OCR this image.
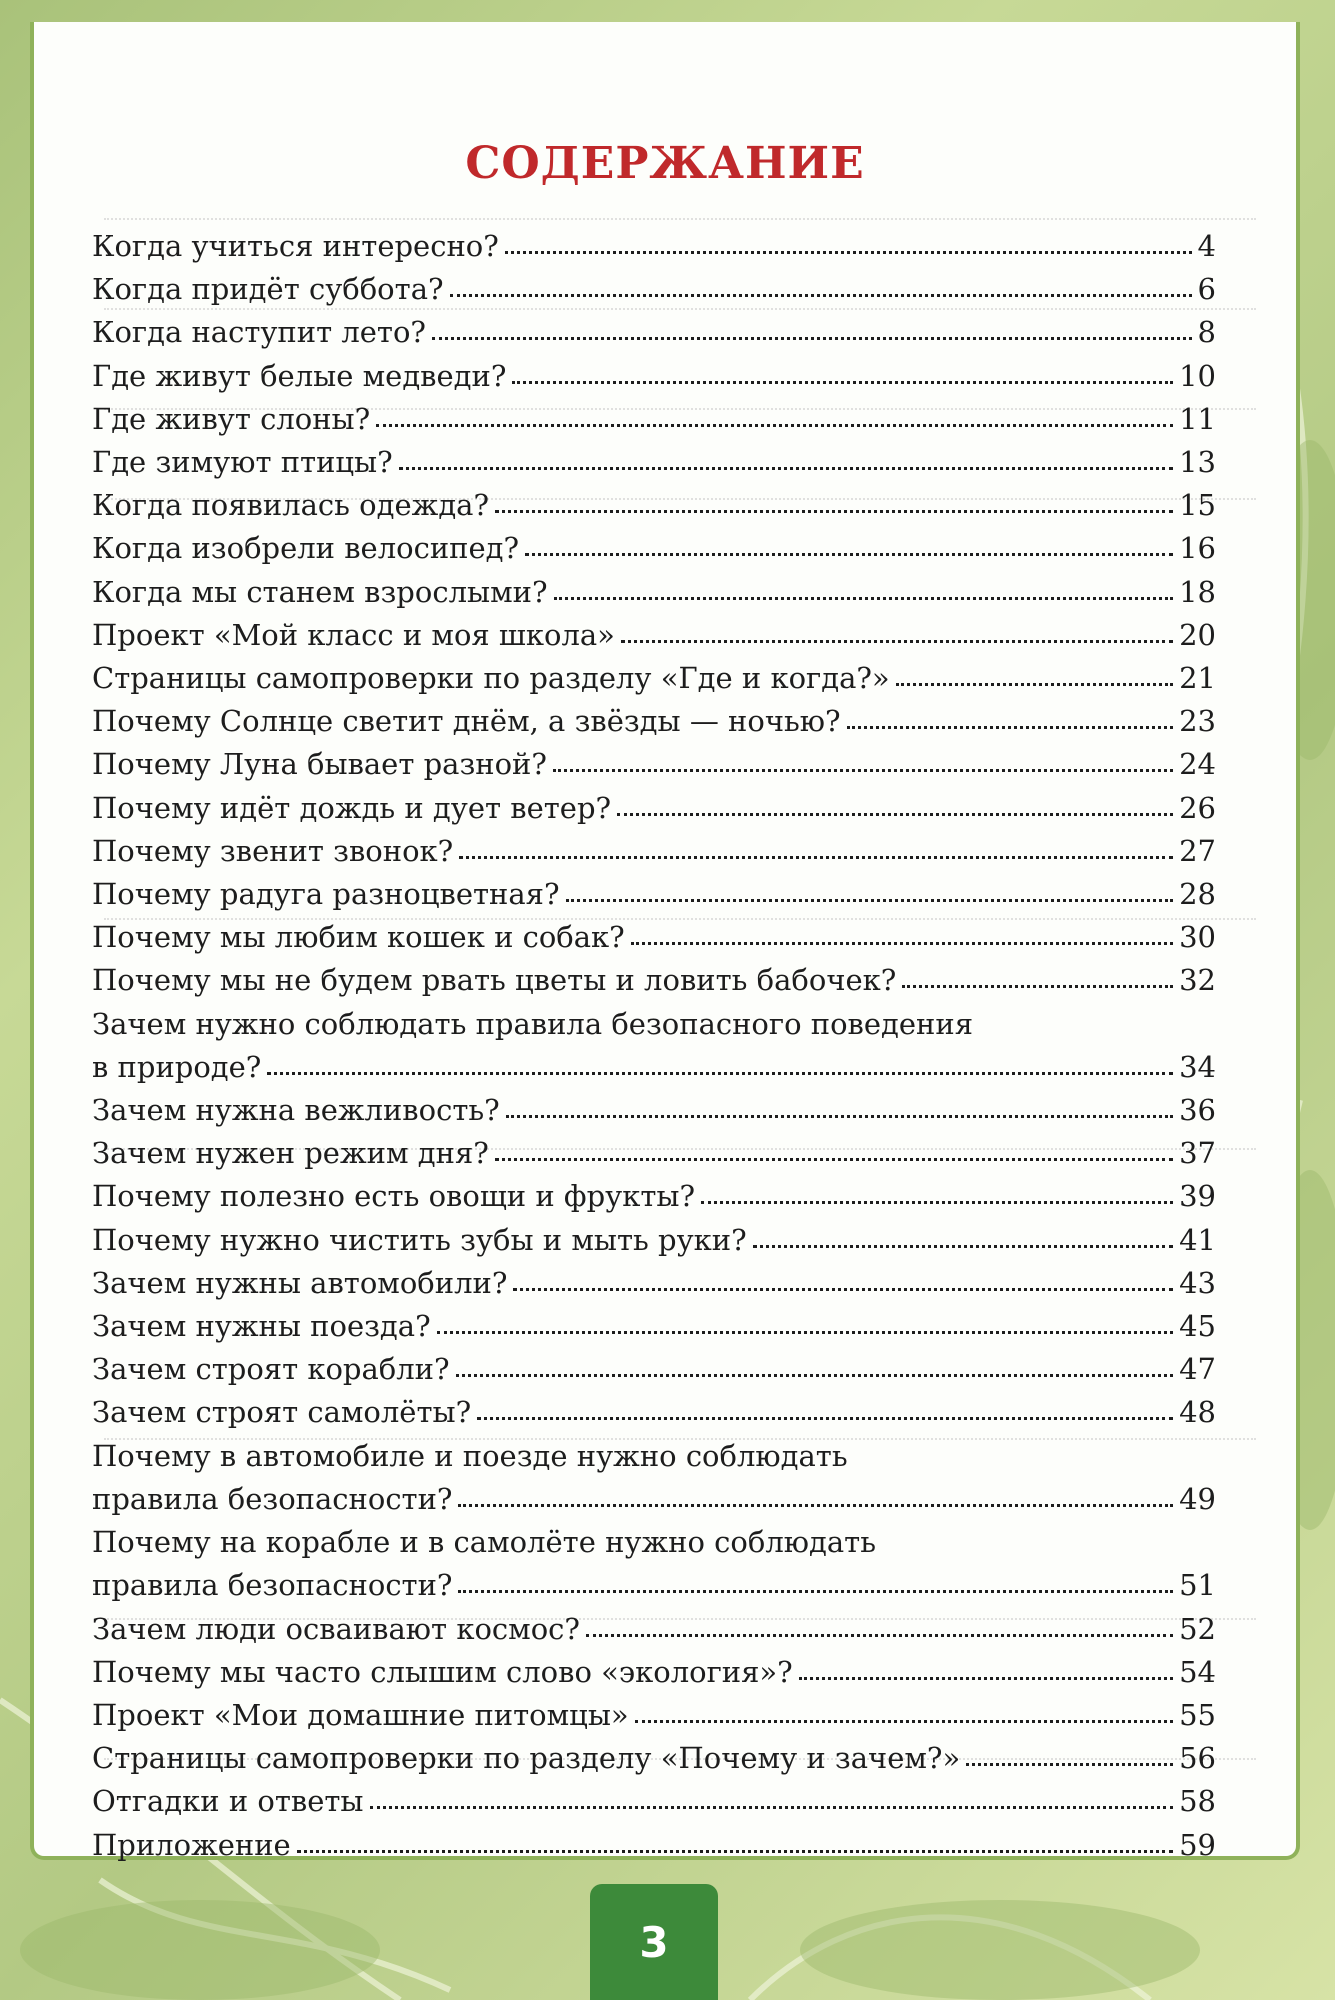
СОДЕРЖАНИЕ
Когда учиться интересно?	4
Когда придёт суббота?	6
Когда наступит лето?	8
Где живут белые медведи?	10
Где живут слоны?	11
Где зимуют птицы?	13
Когда появилась одежда?	15
Когда изобрели велосипед?	16
Когда мы станем взрослыми?	18
Проект «Мой класс и моя школа»	20
Страницы самопроверки по разделу «Где и когда?»	21
Почему Солнце светит днём, а звёзды — ночью?	23
Почему Луна бывает разной?	24
Почему идёт дождь и дует ветер?	26
Почему звенит звонок?	27
Почему радуга разноцветная?	28
Почему мы любим кошек и собак?	30
Почему мы не будем рвать цветы и ловить бабочек?	32
Зачем нужно соблюдать правила безопасного поведения
в природе?	34
Зачем нужна вежливость?	36
Зачем нужен режим дня?	37
Почему полезно есть овощи и фрукты?	39
Почему нужно чистить зубы и мыть руки?	41
Зачем нужны автомобили?	43
Зачем нужны поезда?	45
Зачем строят корабли?	47
Зачем строят самолёты?	48
Почему в автомобиле и поезде нужно соблюдать
правила безопасности?	49
Почему на корабле и в самолёте нужно соблюдать
правила безопасности?	51
Зачем люди осваивают космос?	52
Почему мы часто слышим слово «экология»?	54
Проект «Мои домашние питомцы»	55
Страницы самопроверки по разделу «Почему и зачем?»	56
Отгадки и ответы	58
Приложение	59
3
